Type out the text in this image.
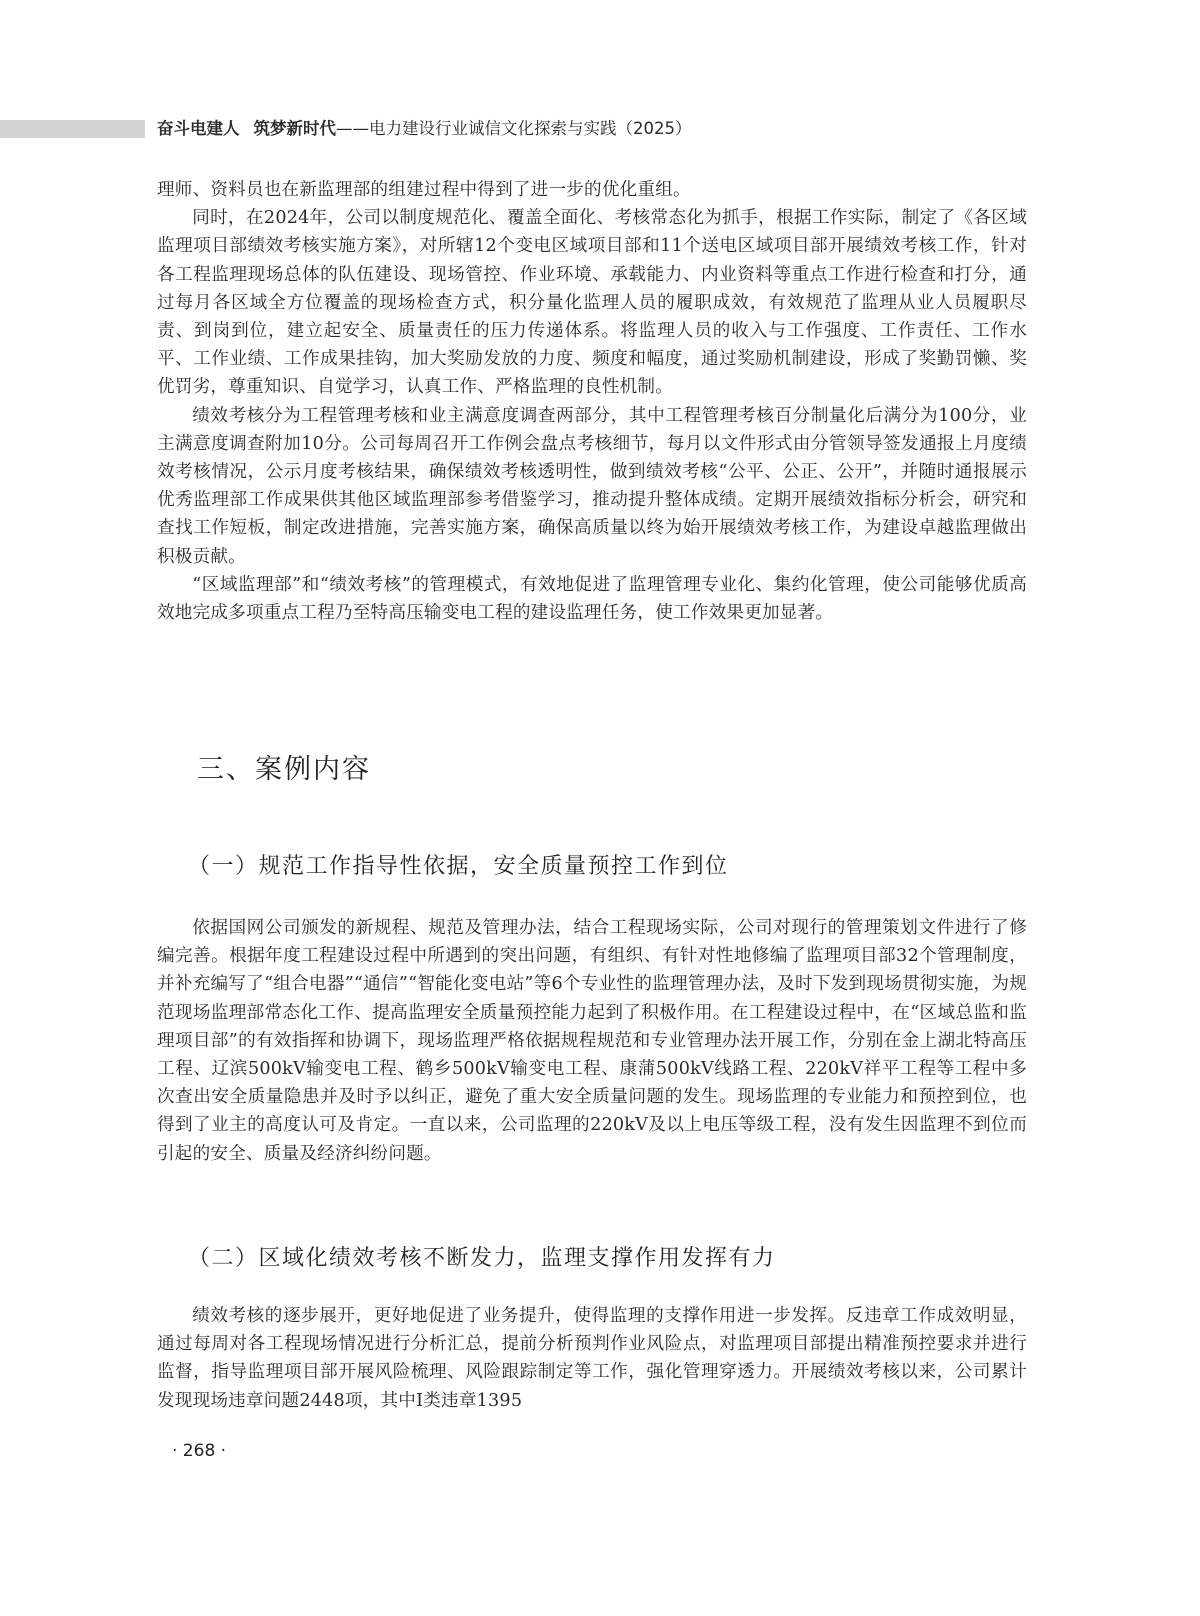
奋斗电建人 筑梦新时代——电力建设行业诚信文化探索与实践（2025）

理师、资料员也在新监理部的组建过程中得到了进一步的优化重组。

同时，在2024年，公司以制度规范化、覆盖全面化、考核常态化为抓手，根据工作实际，制定了《各区域监理项目部绩效考核实施方案》，对所辖12个变电区域项目部和11个送电区域项目部开展绩效考核工作，针对各工程监理现场总体的队伍建设、现场管控、作业环境、承载能力、内业资料等重点工作进行检查和打分，通过每月各区域全方位覆盖的现场检查方式，积分量化监理人员的履职成效，有效规范了监理从业人员履职尽责、到岗到位，建立起安全、质量责任的压力传递体系。将监理人员的收入与工作强度、工作责任、工作水平、工作业绩、工作成果挂钩，加大奖励发放的力度、频度和幅度，通过奖励机制建设，形成了奖勤罚懒、奖优罚劣，尊重知识、自觉学习，认真工作、严格监理的良性机制。

绩效考核分为工程管理考核和业主满意度调查两部分，其中工程管理考核百分制量化后满分为100分，业主满意度调查附加10分。公司每周召开工作例会盘点考核细节，每月以文件形式由分管领导签发通报上月度绩效考核情况，公示月度考核结果，确保绩效考核透明性，做到绩效考核“公平、公正、公开”，并随时通报展示优秀监理部工作成果供其他区域监理部参考借鉴学习，推动提升整体成绩。定期开展绩效指标分析会，研究和查找工作短板，制定改进措施，完善实施方案，确保高质量以终为始开展绩效考核工作，为建设卓越监理做出积极贡献。

“区域监理部”和“绩效考核”的管理模式，有效地促进了监理管理专业化、集约化管理，使公司能够优质高效地完成多项重点工程乃至特高压输变电工程的建设监理任务，使工作效果更加显著。

三、案例内容
（一）规范工作指导性依据，安全质量预控工作到位

依据国网公司颁发的新规程、规范及管理办法，结合工程现场实际，公司对现行的管理策划文件进行了修编完善。根据年度工程建设过程中所遇到的突出问题，有组织、有针对性地修编了监理项目部32个管理制度，并补充编写了“组合电器”“通信”“智能化变电站”等6个专业性的监理管理办法，及时下发到现场贯彻实施，为规范现场监理部常态化工作、提高监理安全质量预控能力起到了积极作用。在工程建设过程中，在“区域总监和监理项目部”的有效指挥和协调下，现场监理严格依据规程规范和专业管理办法开展工作，分别在金上湖北特高压工程、辽滨500kV输变电工程、鹤乡500kV输变电工程、康蒲500kV线路工程、220kV祥平工程等工程中多次查出安全质量隐患并及时予以纠正，避免了重大安全质量问题的发生。现场监理的专业能力和预控到位，也得到了业主的高度认可及肯定。一直以来，公司监理的220kV及以上电压等级工程，没有发生因监理不到位而引起的安全、质量及经济纠纷问题。

（二）区域化绩效考核不断发力，监理支撑作用发挥有力

绩效考核的逐步展开，更好地促进了业务提升，使得监理的支撑作用进一步发挥。反违章工作成效明显，通过每周对各工程现场情况进行分析汇总，提前分析预判作业风险点，对监理项目部提出精准预控要求并进行监督，指导监理项目部开展风险梳理、风险跟踪制定等工作，强化管理穿透力。开展绩效考核以来，公司累计发现现场违章问题2448项，其中Ⅰ类违章1395

· 268 ·
